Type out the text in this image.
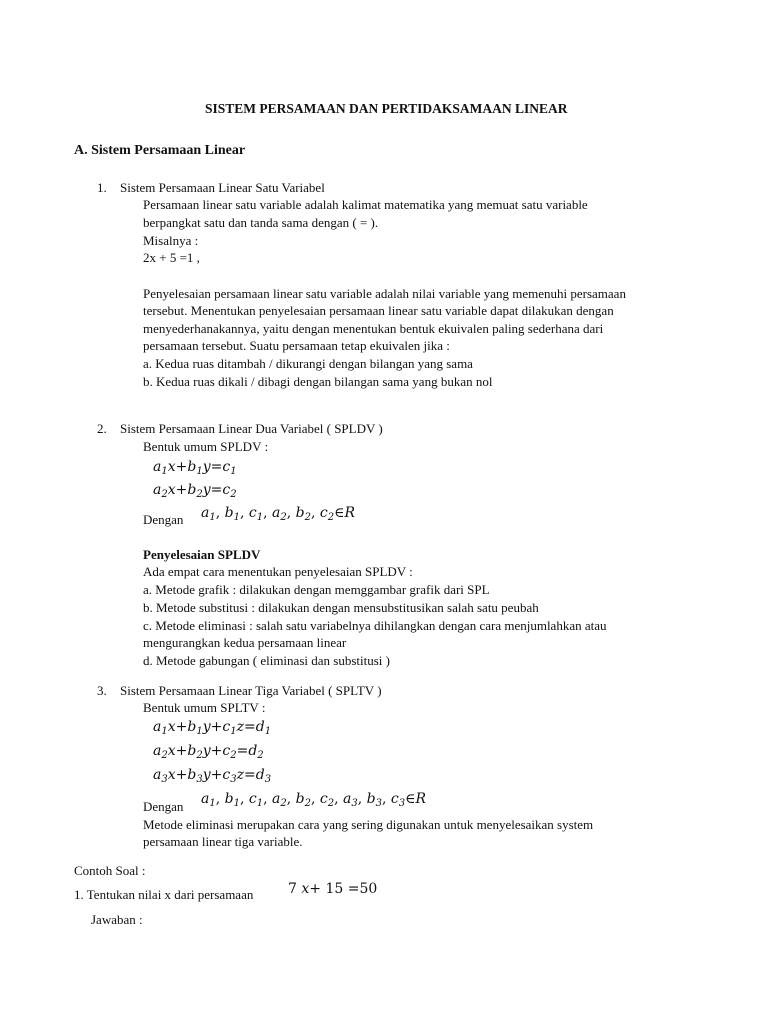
SISTEM PERSAMAAN DAN PERTIDAKSAMAAN LINEAR
A. Sistem Persamaan Linear
1. Sistem Persamaan Linear Satu Variabel
Persamaan linear satu variable adalah kalimat matematika yang memuat satu variable
berpangkat satu dan tanda sama dengan ( = ).
Misalnya :
2x + 5 =1 ,
Penyelesaian persamaan linear satu variable adalah nilai variable yang memenuhi persamaan
tersebut. Menentukan penyelesaian persamaan linear satu variable dapat dilakukan dengan
menyederhanakannya, yaitu dengan menentukan bentuk ekuivalen paling sederhana dari
persamaan tersebut. Suatu persamaan tetap ekuivalen jika :
a. Kedua ruas ditambah / dikurangi dengan bilangan yang sama
b. Kedua ruas dikali / dibagi dengan bilangan sama yang bukan nol
2. Sistem Persamaan Linear Dua Variabel ( SPLDV )
Bentuk umum SPLDV :
$a_1x+b_1y=c_1$
$a_2x+b_2y=c_2$
Dengan $a_1$, $b_1$, $c_1$, $a_2$, $b_2$, $c_2\in R$
Penyelesaian SPLDV
Ada empat cara menentukan penyelesaian SPLDV :
a. Metode grafik : dilakukan dengan memggambar grafik dari SPL
b. Metode substitusi : dilakukan dengan mensubstitusikan salah satu peubah
c. Metode eliminasi : salah satu variabelnya dihilangkan dengan cara menjumlahkan atau
mengurangkan kedua persamaan linear
d. Metode gabungan ( eliminasi dan substitusi )
3. Sistem Persamaan Linear Tiga Variabel ( SPLTV )
Bentuk umum SPLTV :
$a_1x+b_1y+c_1z=d_1$
$a_2x+b_2y+c_2=d_2$
$a_3x+b_3y+c_3z=d_3$
Dengan $a_1$, $b_1$, $c_1$, $a_2$, $b_2$, $c_2$, $a_3$, $b_3$, $c_3\in R$
Metode eliminasi merupakan cara yang sering digunakan untuk menyelesaikan system
persamaan linear tiga variable.
Contoh Soal :
1. Tentukan nilai x dari persamaan 7 x+ 15 =50
Jawaban :
